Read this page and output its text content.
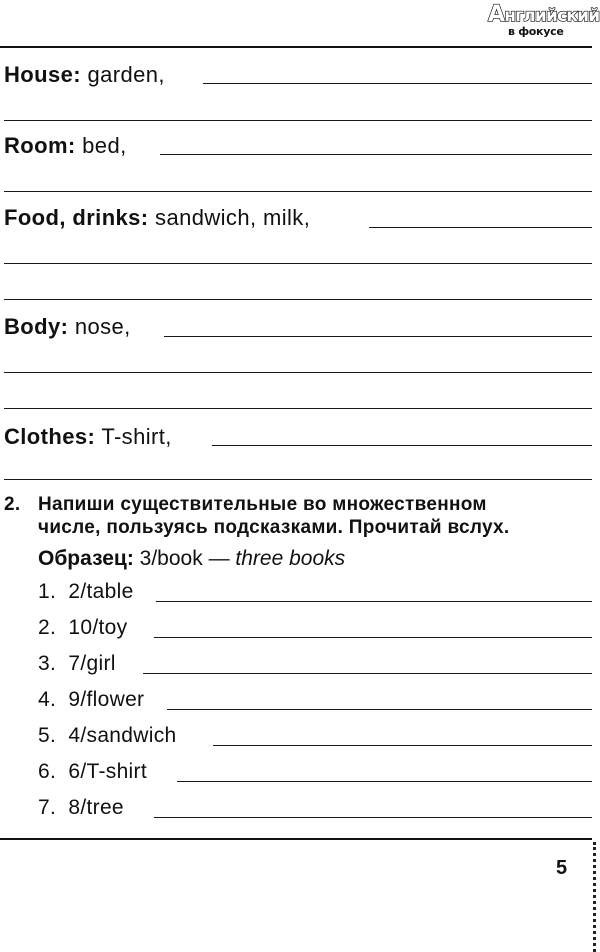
Английский
в фокусе
House: garden,
Room: bed,
Food, drinks: sandwich, milk,
Body: nose,
Clothes: T-shirt,
2. Напиши существительные во множественном
числе, пользуясь подсказками. Прочитай вслух.
Образец: 3/book — three books
1. 2/table
2. 10/toy
3. 7/girl
4. 9/flower
5. 4/sandwich
6. 6/T-shirt
7. 8/tree
5
